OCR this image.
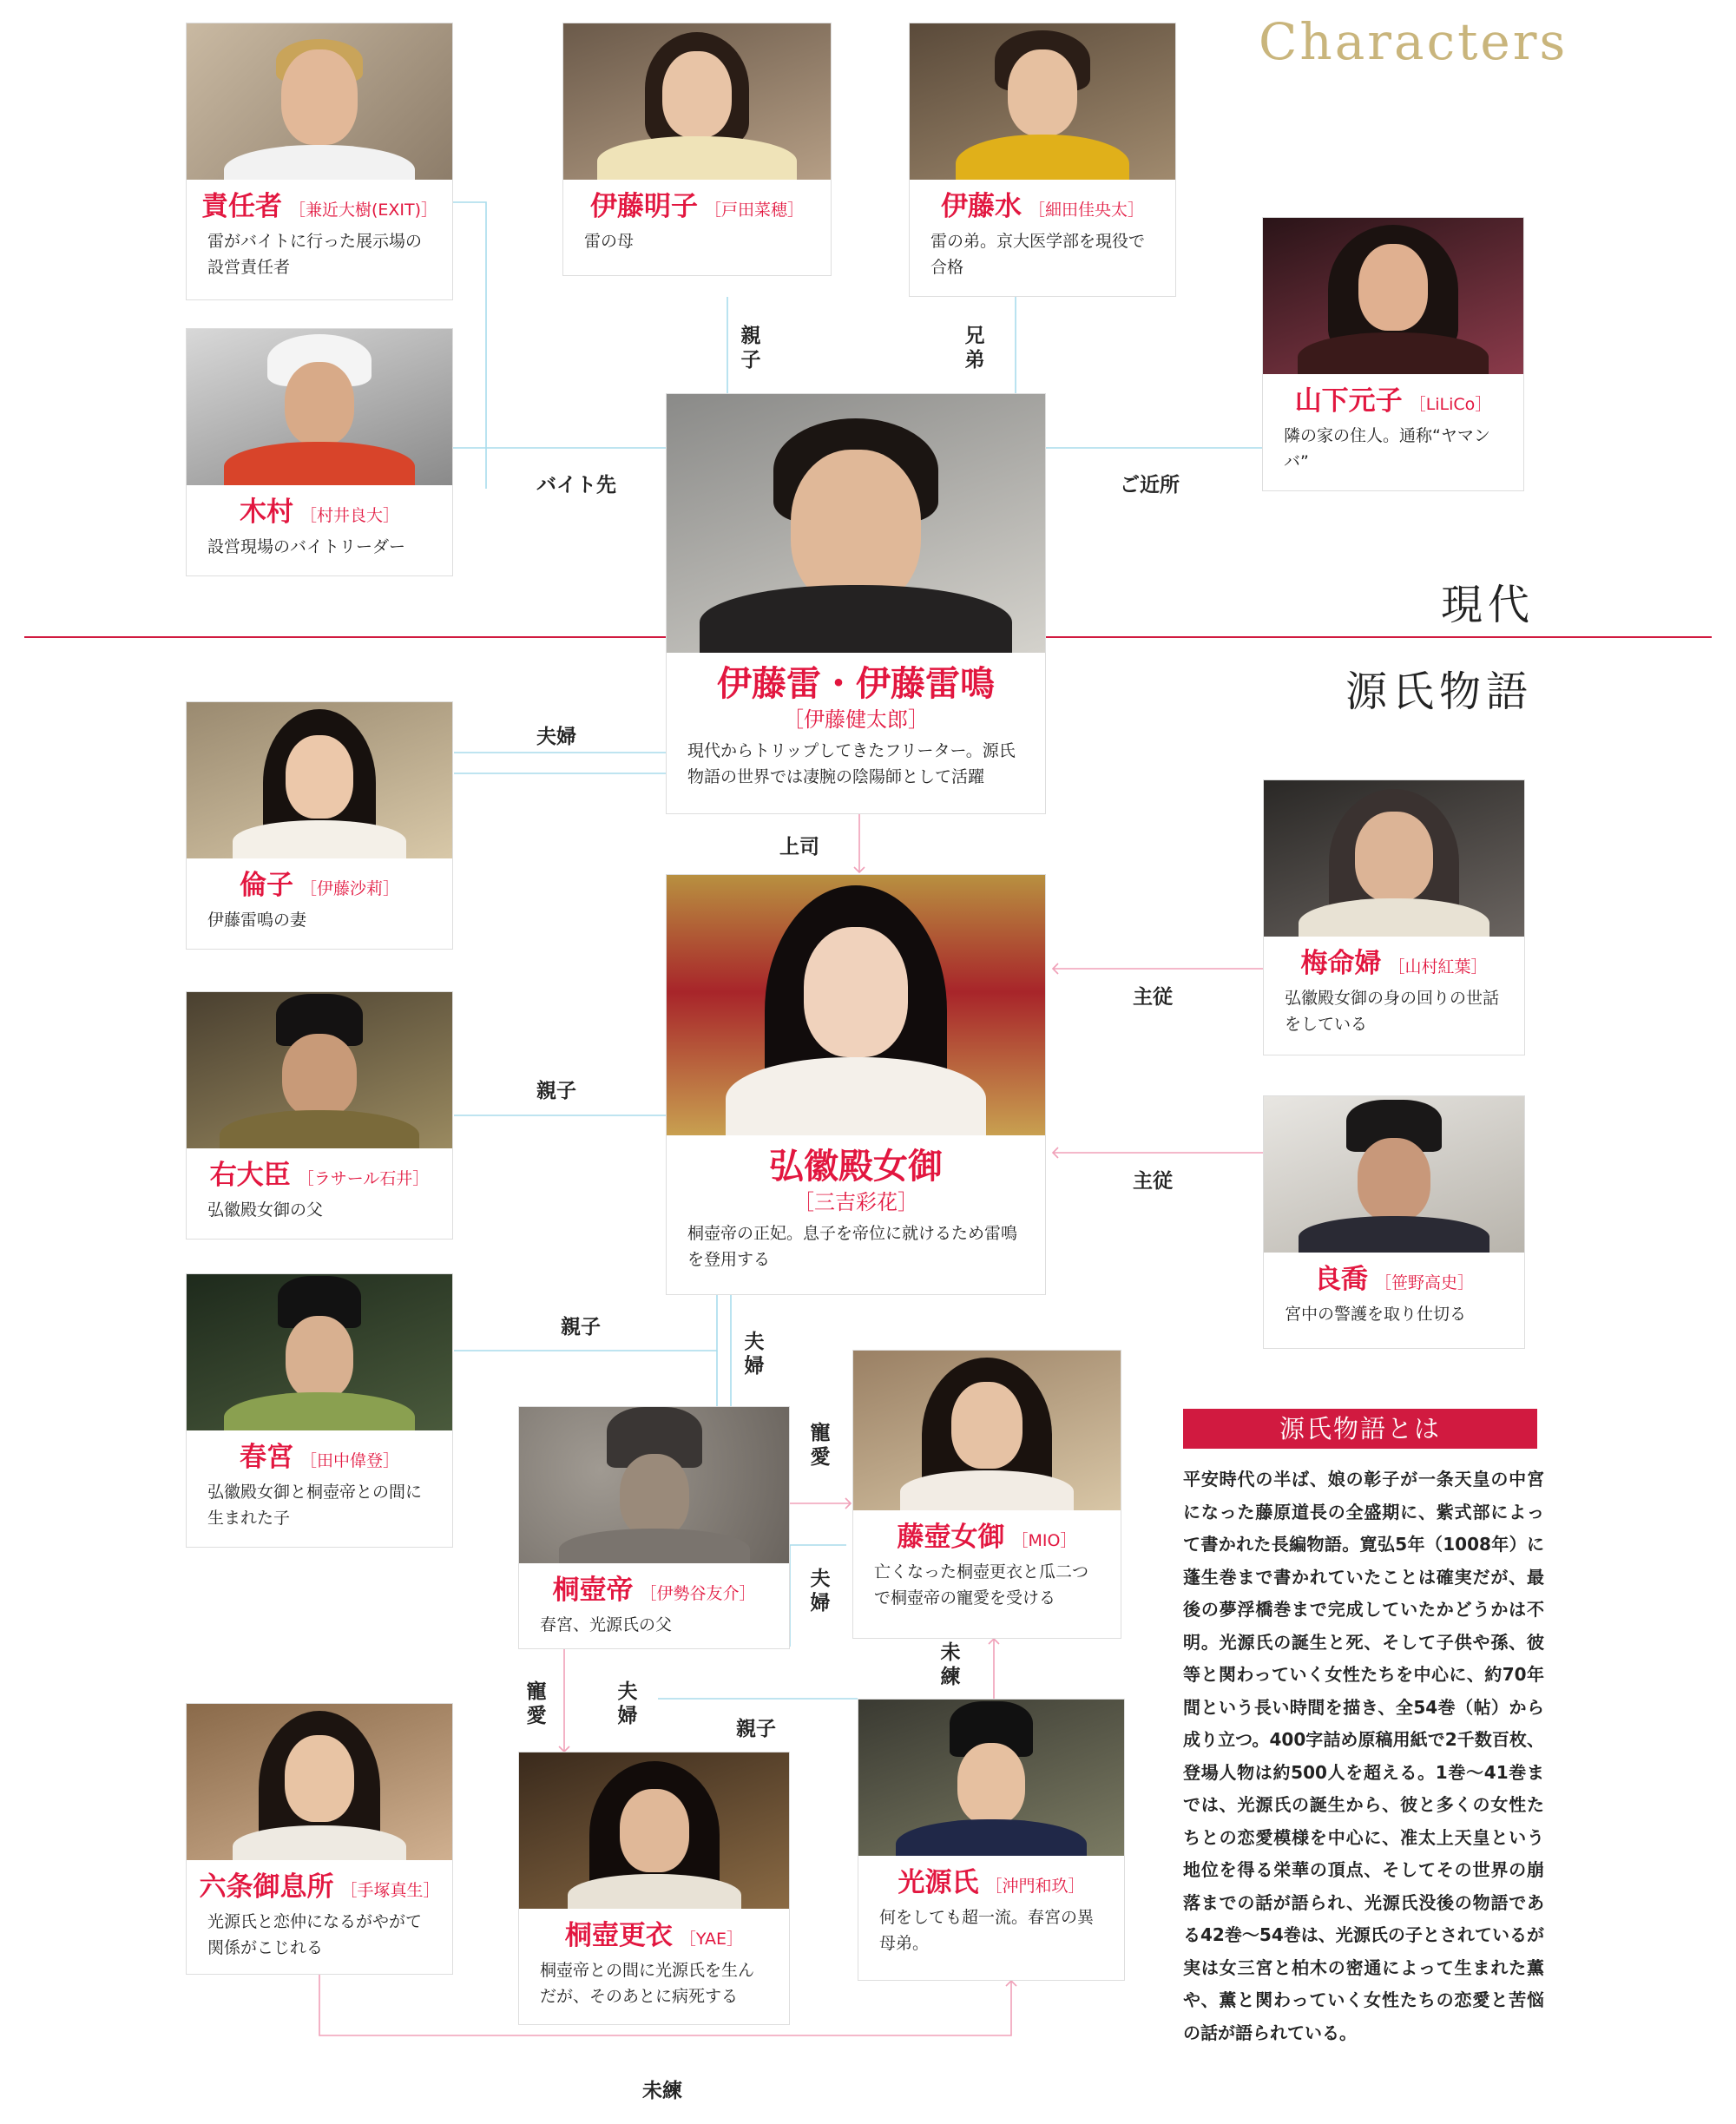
Characters
現代
源氏物語
責任者 ［兼近大樹(EXIT)］
雷がバイトに行った展示場の設営責任者
伊藤明子 ［戸田菜穂］
雷の母
伊藤水 ［細田佳央太］
雷の弟。京大医学部を現役で合格
山下元子 ［LiLiCo］
隣の家の住人。通称“ヤマンバ”
木村 ［村井良大］
設営現場のバイトリーダー
伊藤雷・伊藤雷鳴
［伊藤健太郎］
現代からトリップしてきたフリーター。源氏物語の世界では凄腕の陰陽師として活躍
倫子 ［伊藤沙莉］
伊藤雷鳴の妻
右大臣 ［ラサール石井］
弘徽殿女御の父
弘徽殿女御
［三吉彩花］
桐壺帝の正妃。息子を帝位に就けるため雷鳴を登用する
梅命婦 ［山村紅葉］
弘徽殿女御の身の回りの世話をしている
良喬 ［笹野高史］
宮中の警護を取り仕切る
春宮 ［田中偉登］
弘徽殿女御と桐壺帝との間に生まれた子
桐壺帝 ［伊勢谷友介］
春宮、光源氏の父
藤壺女御 ［MIO］
亡くなった桐壺更衣と瓜二つで桐壺帝の寵愛を受ける
六条御息所 ［手塚真生］
光源氏と恋仲になるがやがて関係がこじれる	桐壺更衣 ［YAE］
桐壺帝との間に光源氏を生んだが、そのあとに病死する
光源氏 ［沖門和玖］
何をしても超一流。春宮の異母弟。
バイト先
親子
兄弟
ご近所
夫婦
上司
主従
親子
主従
親子
夫婦
寵愛
夫婦
未練
寵愛
夫婦
親子
未練
源氏物語とは
平安時代の半ば、娘の彰子が一条天皇の中宮になった藤原道長の全盛期に、紫式部によって書かれた長編物語。寛弘5年（1008年）に蓬生巻まで書かれていたことは確実だが、最後の夢浮橋巻まで完成していたかどうかは不明。光源氏の誕生と死、そして子供や孫、彼等と関わっていく女性たちを中心に、約70年間という長い時間を描き、全54巻（帖）から成り立つ。400字詰め原稿用紙で2千数百枚、登場人物は約500人を超える。1巻〜41巻までは、光源氏の誕生から、彼と多くの女性たちとの恋愛模様を中心に、准太上天皇という地位を得る栄華の頂点、そしてその世界の崩落までの話が語られ、光源氏没後の物語である42巻〜54巻は、光源氏の子とされているが実は女三宮と柏木の密通によって生まれた薫や、薫と関わっていく女性たちの恋愛と苦悩の話が語られている。
